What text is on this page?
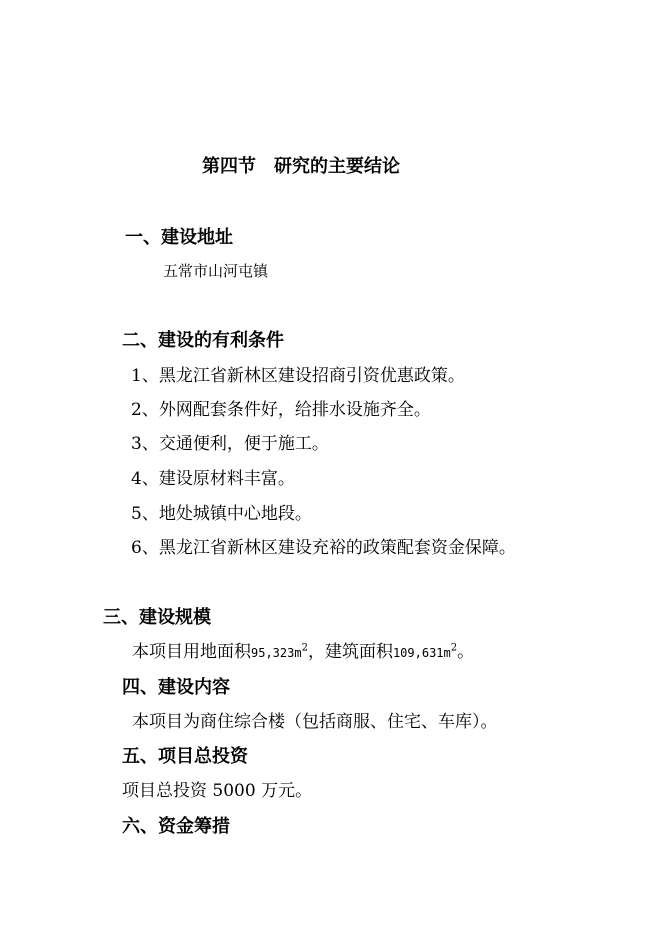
第四节　研究的主要结论
一、建设地址
五常市山河屯镇
二、建设的有利条件
1、黑龙江省新林区建设招商引资优惠政策。
2、外网配套条件好，给排水设施齐全。
3、交通便利，便于施工。
4、建设原材料丰富。
5、地处城镇中心地段。
6、黑龙江省新林区建设充裕的政策配套资金保障。
三、建设规模
本项目用地面积$95,323m^2$，建筑面积$109,631m^2$。
四、建设内容
本项目为商住综合楼（包括商服、住宅、车库）。
五、项目总投资
项目总投资 5000 万元。
六、资金筹措
